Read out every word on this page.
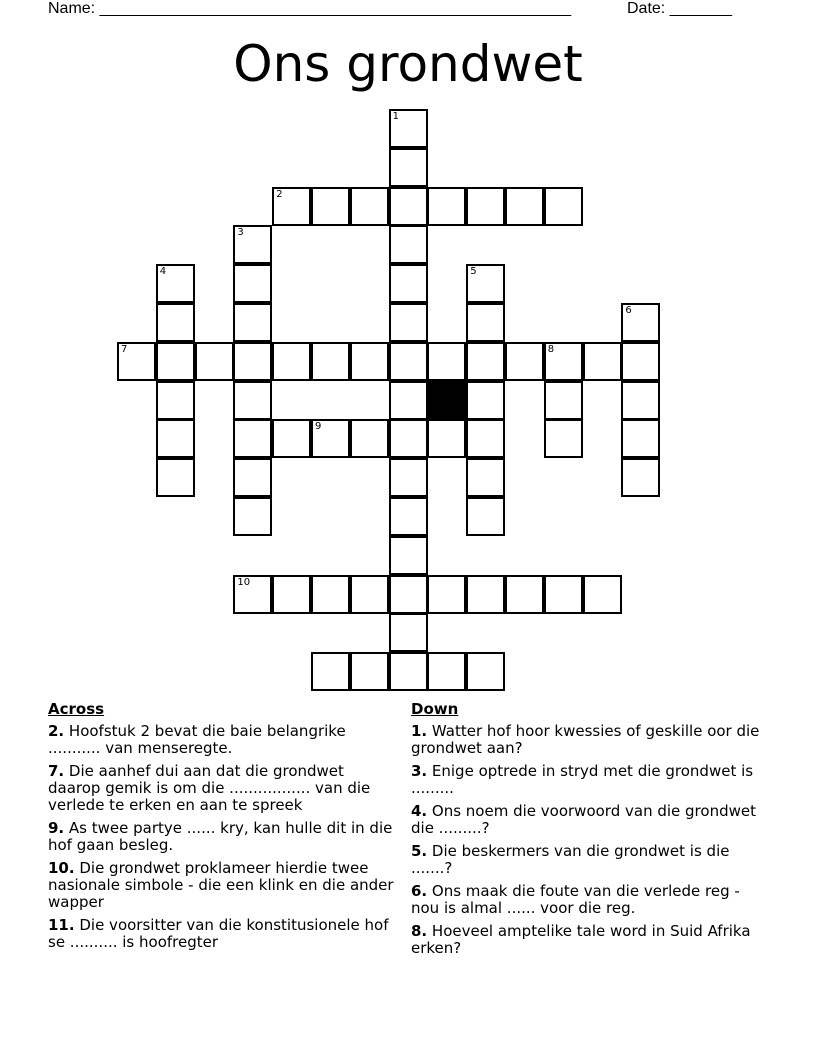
Name: _____________________________________________________	Date: _______
Ons grondwet
1
2
3
4	5
6
7	8
9
10
Across
2. Hoofstuk 2 bevat die baie belangrike ........... van menseregte.
7. Die aanhef dui aan dat die grondwet daarop gemik is om die ................. van die verlede te erken en aan te spreek
9. As twee partye ...... kry, kan hulle dit in die hof gaan besleg.
10. Die grondwet proklameer hierdie twee nasionale simbole - die een klink en die ander wapper
11. Die voorsitter van die konstitusionele hof se .......... is hoofregter
Down
1. Watter hof hoor kwessies of geskille oor die grondwet aan?
3. Enige optrede in stryd met die grondwet is .........
4. Ons noem die voorwoord van die grondwet die .........?
5. Die beskermers van die grondwet is die .......?
6. Ons maak die foute van die verlede reg - nou is almal ...... voor die reg.
8. Hoeveel amptelike tale word in Suid Afrika erken?
